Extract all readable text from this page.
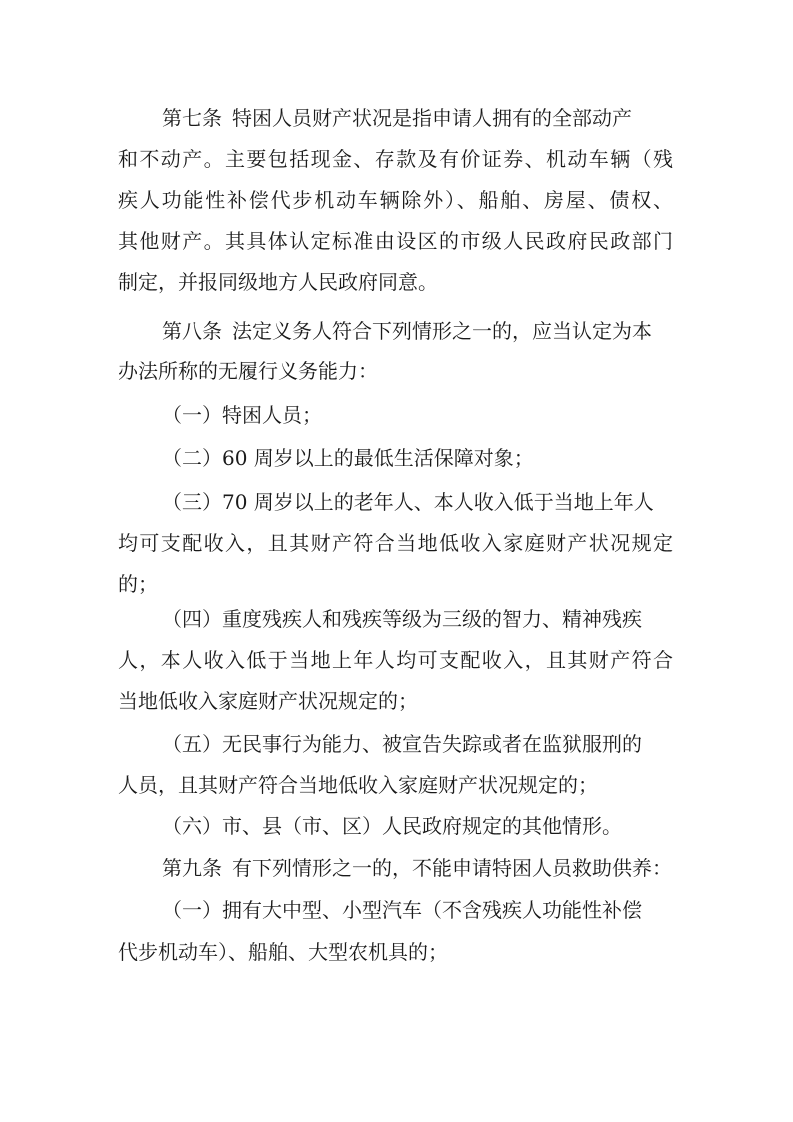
第七条 特困人员财产状况是指申请人拥有的全部动产

和不动产。主要包括现金、存款及有价证券、机动车辆（残

疾人功能性补偿代步机动车辆除外）、船舶、房屋、债权、

其他财产。其具体认定标准由设区的市级人民政府民政部门

制定，并报同级地方人民政府同意。

第八条 法定义务人符合下列情形之一的，应当认定为本

办法所称的无履行义务能力：

（一）特困人员；

（二）60 周岁以上的最低生活保障对象；

（三）70 周岁以上的老年人、本人收入低于当地上年人

均可支配收入，且其财产符合当地低收入家庭财产状况规定

的；

（四）重度残疾人和残疾等级为三级的智力、精神残疾

人，本人收入低于当地上年人均可支配收入，且其财产符合

当地低收入家庭财产状况规定的；

（五）无民事行为能力、被宣告失踪或者在监狱服刑的

人员，且其财产符合当地低收入家庭财产状况规定的；

（六）市、县（市、区）人民政府规定的其他情形。

第九条 有下列情形之一的，不能申请特困人员救助供养：

（一）拥有大中型、小型汽车（不含残疾人功能性补偿

代步机动车）、船舶、大型农机具的；
